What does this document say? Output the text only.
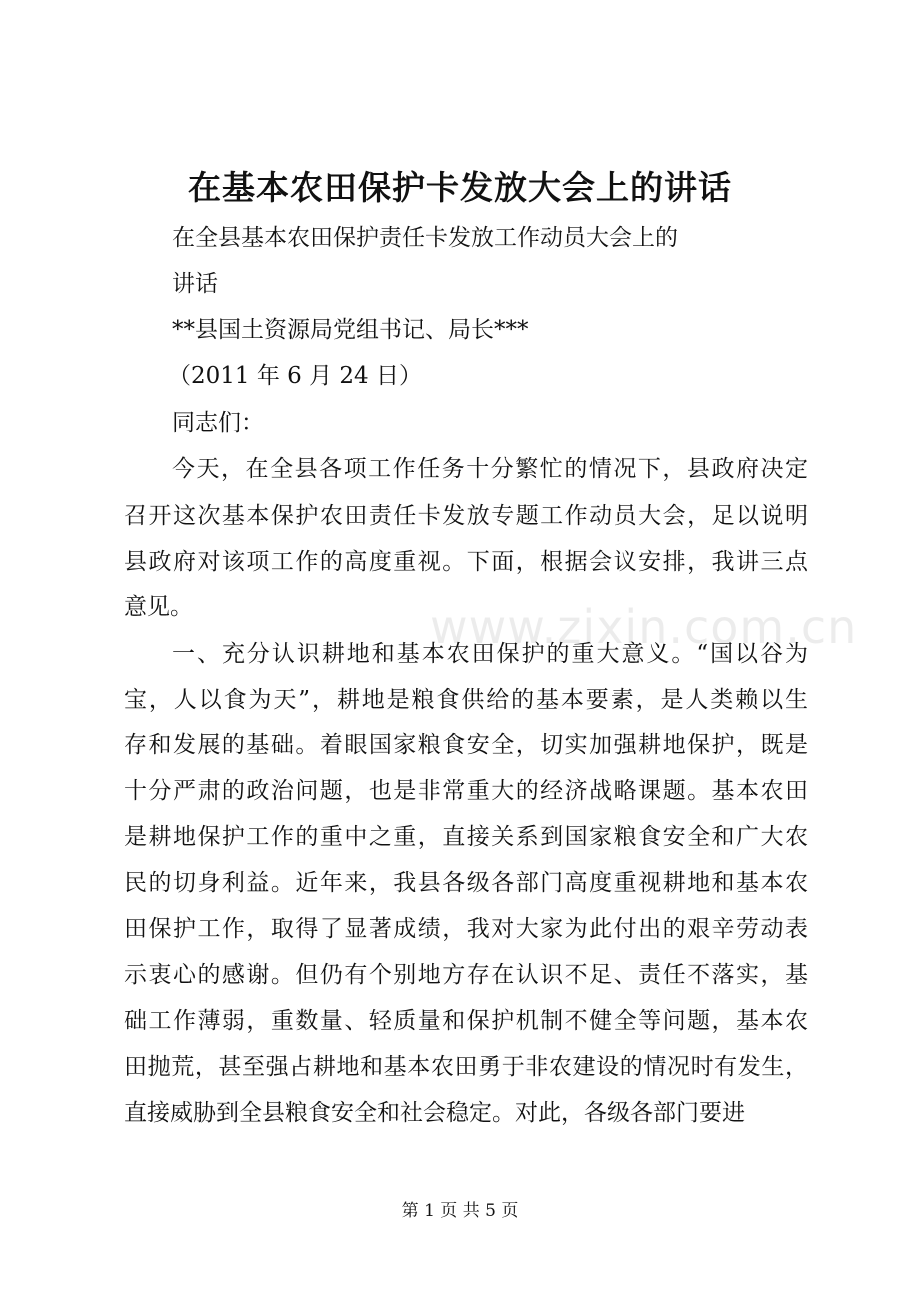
www.zixin.com.cn
在基本农田保护卡发放大会上的讲话

在全县基本农田保护责任卡发放工作动员大会上的

讲话

**县国土资源局党组书记、局长***

（2011 年 6 月 24 日）

同志们：

今天，在全县各项工作任务十分繁忙的情况下，县政府决定

召开这次基本保护农田责任卡发放专题工作动员大会，足以说明

县政府对该项工作的高度重视。下面，根据会议安排，我讲三点

意见。

一、充分认识耕地和基本农田保护的重大意义。“国以谷为

宝，人以食为天”，耕地是粮食供给的基本要素，是人类赖以生

存和发展的基础。着眼国家粮食安全，切实加强耕地保护，既是

十分严肃的政治问题，也是非常重大的经济战略课题。基本农田

是耕地保护工作的重中之重，直接关系到国家粮食安全和广大农

民的切身利益。近年来，我县各级各部门高度重视耕地和基本农

田保护工作，取得了显著成绩，我对大家为此付出的艰辛劳动表

示衷心的感谢。但仍有个别地方存在认识不足、责任不落实，基

础工作薄弱，重数量、轻质量和保护机制不健全等问题，基本农

田抛荒，甚至强占耕地和基本农田勇于非农建设的情况时有发生，

直接威胁到全县粮食安全和社会稳定。对此，各级各部门要进

第 1 页 共 5 页
